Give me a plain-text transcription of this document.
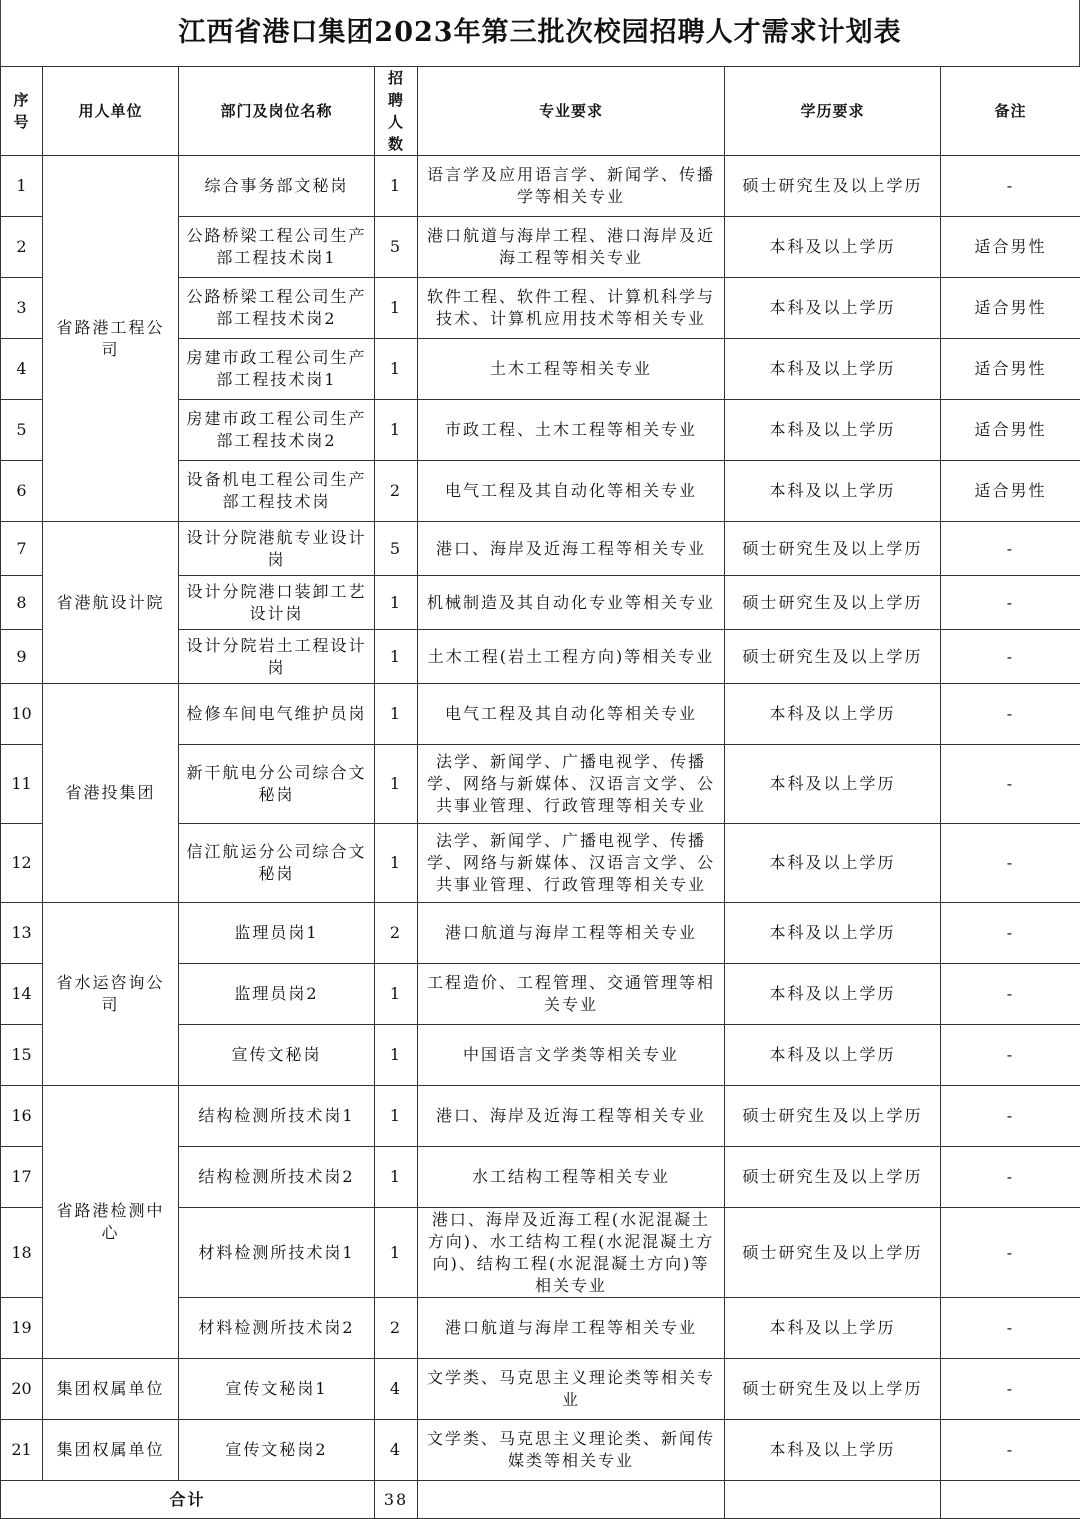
江西省港口集团2023年第三批次校园招聘人才需求计划表
序号	用人单位	部门及岗位名称	招聘人数	专业要求	学历要求	备注
1	省路港工程公司	综合事务部文秘岗	1	语言学及应用语言学、新闻学、传播学等相关专业	硕士研究生及以上学历	-
2		公路桥梁工程公司生产部工程技术岗1	5	港口航道与海岸工程、港口海岸及近海工程等相关专业	本科及以上学历	适合男性
3		公路桥梁工程公司生产部工程技术岗2	1	软件工程、软件工程、计算机科学与技术、计算机应用技术等相关专业	本科及以上学历	适合男性
4		房建市政工程公司生产部工程技术岗1	1	土木工程等相关专业	本科及以上学历	适合男性
5		房建市政工程公司生产部工程技术岗2	1	市政工程、土木工程等相关专业	本科及以上学历	适合男性
6		设备机电工程公司生产部工程技术岗	2	电气工程及其自动化等相关专业	本科及以上学历	适合男性
7	省港航设计院	设计分院港航专业设计岗	5	港口、海岸及近海工程等相关专业	硕士研究生及以上学历	-
8		设计分院港口装卸工艺设计岗	1	机械制造及其自动化专业等相关专业	硕士研究生及以上学历	-
9		设计分院岩土工程设计岗	1	土木工程(岩土工程方向)等相关专业	硕士研究生及以上学历	-
10	省港投集团	检修车间电气维护员岗	1	电气工程及其自动化等相关专业	本科及以上学历	-
11		新干航电分公司综合文秘岗	1	法学、新闻学、广播电视学、传播学、网络与新媒体、汉语言文学、公共事业管理、行政管理等相关专业	本科及以上学历	-
12		信江航运分公司综合文秘岗	1	法学、新闻学、广播电视学、传播学、网络与新媒体、汉语言文学、公共事业管理、行政管理等相关专业	本科及以上学历	-
13	省水运咨询公司	监理员岗1	2	港口航道与海岸工程等相关专业	本科及以上学历	-
14		监理员岗2	1	工程造价、工程管理、交通管理等相关专业	本科及以上学历	-
15		宣传文秘岗	1	中国语言文学类等相关专业	本科及以上学历	-
16	省路港检测中心	结构检测所技术岗1	1	港口、海岸及近海工程等相关专业	硕士研究生及以上学历	-
17		结构检测所技术岗2	1	水工结构工程等相关专业	硕士研究生及以上学历	-
18		材料检测所技术岗1	1	港口、海岸及近海工程(水泥混凝土方向)、水工结构工程(水泥混凝土方向)、结构工程(水泥混凝土方向)等相关专业	硕士研究生及以上学历	-
19		材料检测所技术岗2	2	港口航道与海岸工程等相关专业	本科及以上学历	-
20	集团权属单位	宣传文秘岗1	4	文学类、马克思主义理论类等相关专业	硕士研究生及以上学历	-
21	集团权属单位	宣传文秘岗2	4	文学类、马克思主义理论类、新闻传媒类等相关专业	本科及以上学历	-
合计			38			
